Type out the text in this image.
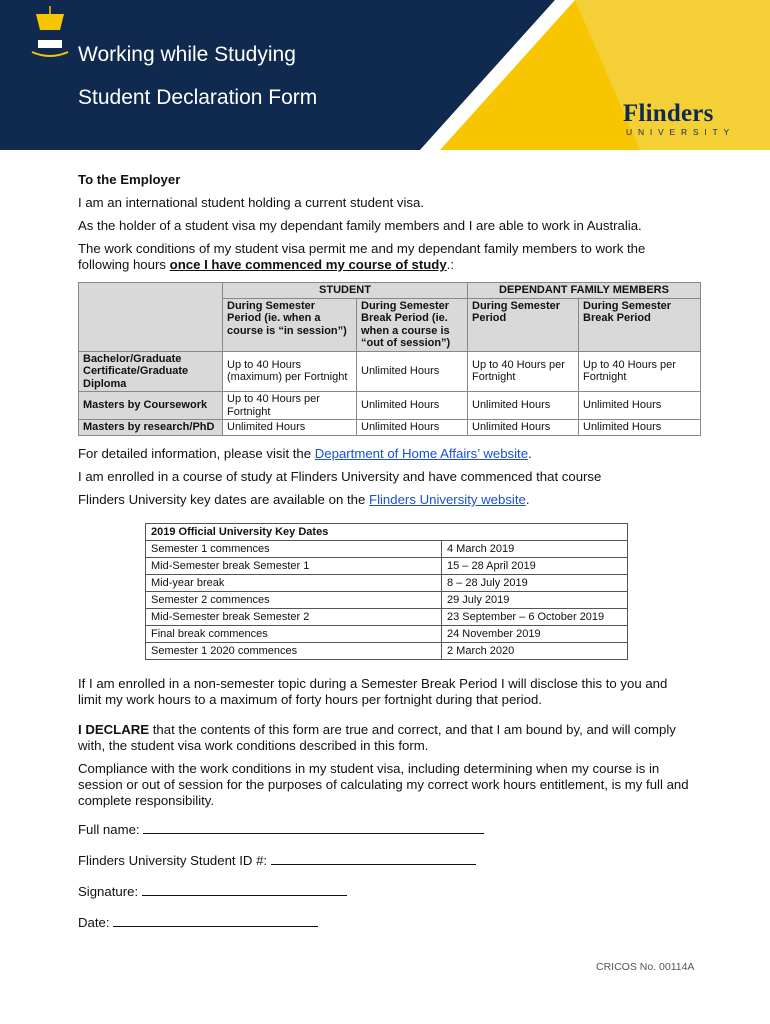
Working while Studying
Student Declaration Form
Flinders
UNIVERSITY

To the Employer

I am an international student holding a current student visa.

As the holder of a student visa my dependant family members and I are able to work in Australia.

The work conditions of my student visa permit me and my dependant family members to work the following hours once I have commenced my course of study.:

	STUDENT		DEPENDANT FAMILY MEMBERS	
	During Semester Period (ie. when a course is “in session”)	During Semester Break Period (ie. when a course is “out of session”)	During Semester Period	During Semester Break Period
Bachelor/Graduate Certificate/Graduate Diploma	Up to 40 Hours (maximum) per Fortnight	Unlimited Hours	Up to 40 Hours per Fortnight	Up to 40 Hours per Fortnight
Masters by Coursework	Up to 40 Hours per Fortnight	Unlimited Hours	Unlimited Hours	Unlimited Hours
Masters by research/PhD	Unlimited Hours	Unlimited Hours	Unlimited Hours	Unlimited Hours

For detailed information, please visit the Department of Home Affairs’ website.

I am enrolled in a course of study at Flinders University and have commenced that course

Flinders University key dates are available on the Flinders University website.

2019 Official University Key Dates	
Semester 1 commences	4 March 2019
Mid-Semester break Semester 1	15 – 28 April 2019
Mid-year break	8 – 28 July 2019
Semester 2 commences	29 July 2019
Mid-Semester break Semester 2	23 September – 6 October 2019
Final break commences	24 November 2019
Semester 1 2020 commences	2 March 2020

If I am enrolled in a non-semester topic during a Semester Break Period I will disclose this to you and limit my work hours to a maximum of forty hours per fortnight during that period.

I DECLARE that the contents of this form are true and correct, and that I am bound by, and will comply with, the student visa work conditions described in this form.

Compliance with the work conditions in my student visa, including determining when my course is in session or out of session for the purposes of calculating my correct work hours entitlement, is my full and complete responsibility.

Full name:
Flinders University Student ID #:
Signature:
Date:
CRICOS No. 00114A
